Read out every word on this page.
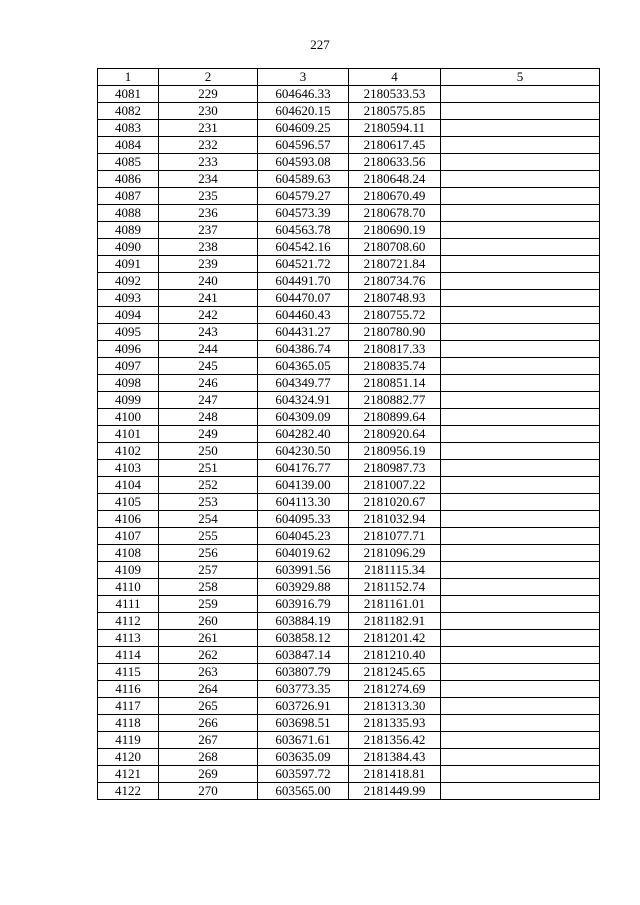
227
1	2	3	4	5
4081	229	604646.33	2180533.53	
4082	230	604620.15	2180575.85	
4083	231	604609.25	2180594.11	
4084	232	604596.57	2180617.45	
4085	233	604593.08	2180633.56	
4086	234	604589.63	2180648.24	
4087	235	604579.27	2180670.49	
4088	236	604573.39	2180678.70	
4089	237	604563.78	2180690.19	
4090	238	604542.16	2180708.60	
4091	239	604521.72	2180721.84	
4092	240	604491.70	2180734.76	
4093	241	604470.07	2180748.93	
4094	242	604460.43	2180755.72	
4095	243	604431.27	2180780.90	
4096	244	604386.74	2180817.33	
4097	245	604365.05	2180835.74	
4098	246	604349.77	2180851.14	
4099	247	604324.91	2180882.77	
4100	248	604309.09	2180899.64	
4101	249	604282.40	2180920.64	
4102	250	604230.50	2180956.19	
4103	251	604176.77	2180987.73	
4104	252	604139.00	2181007.22	
4105	253	604113.30	2181020.67	
4106	254	604095.33	2181032.94	
4107	255	604045.23	2181077.71	
4108	256	604019.62	2181096.29	
4109	257	603991.56	2181115.34	
4110	258	603929.88	2181152.74	
4111	259	603916.79	2181161.01	
4112	260	603884.19	2181182.91	
4113	261	603858.12	2181201.42	
4114	262	603847.14	2181210.40	
4115	263	603807.79	2181245.65	
4116	264	603773.35	2181274.69	
4117	265	603726.91	2181313.30	
4118	266	603698.51	2181335.93	
4119	267	603671.61	2181356.42	
4120	268	603635.09	2181384.43	
4121	269	603597.72	2181418.81	
4122	270	603565.00	2181449.99	
